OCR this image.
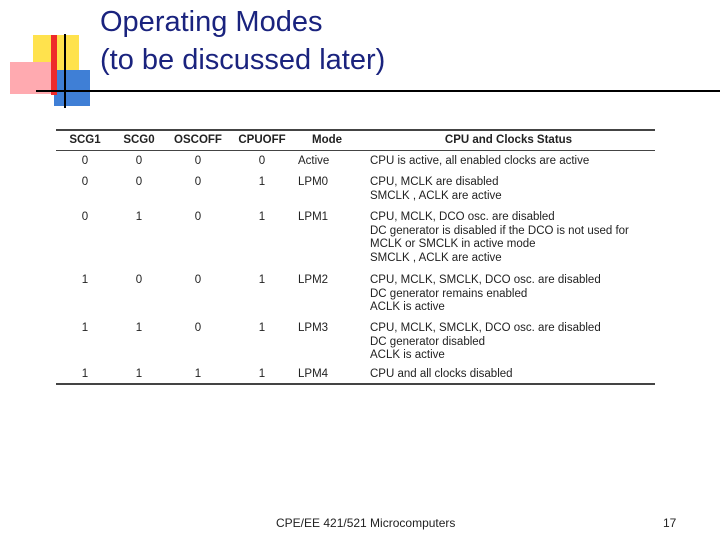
Operating Modes
(to be discussed later)
SCG1	SCG0	OSCOFF	CPUOFF	Mode	CPU and Clocks Status
0	0	0	0	Active	CPU is active, all enabled clocks are active

0	0	0	1	LPM0	CPU, MCLK are disabled
SMCLK , ACLK are active

0	1	0	1	LPM1	CPU, MCLK, DCO osc. are disabled
DC generator is disabled if the DCO is not used for
MCLK or SMCLK in active mode
SMCLK , ACLK are active

1	0	0	1	LPM2	CPU, MCLK, SMCLK, DCO osc. are disabled
DC generator remains enabled
ACLK is active

1	1	0	1	LPM3	CPU, MCLK, SMCLK, DCO osc. are disabled
DC generator disabled
ACLK is active

1	1	1	1	LPM4	CPU and all clocks disabled
CPE/EE 421/521 Microcomputers	17
